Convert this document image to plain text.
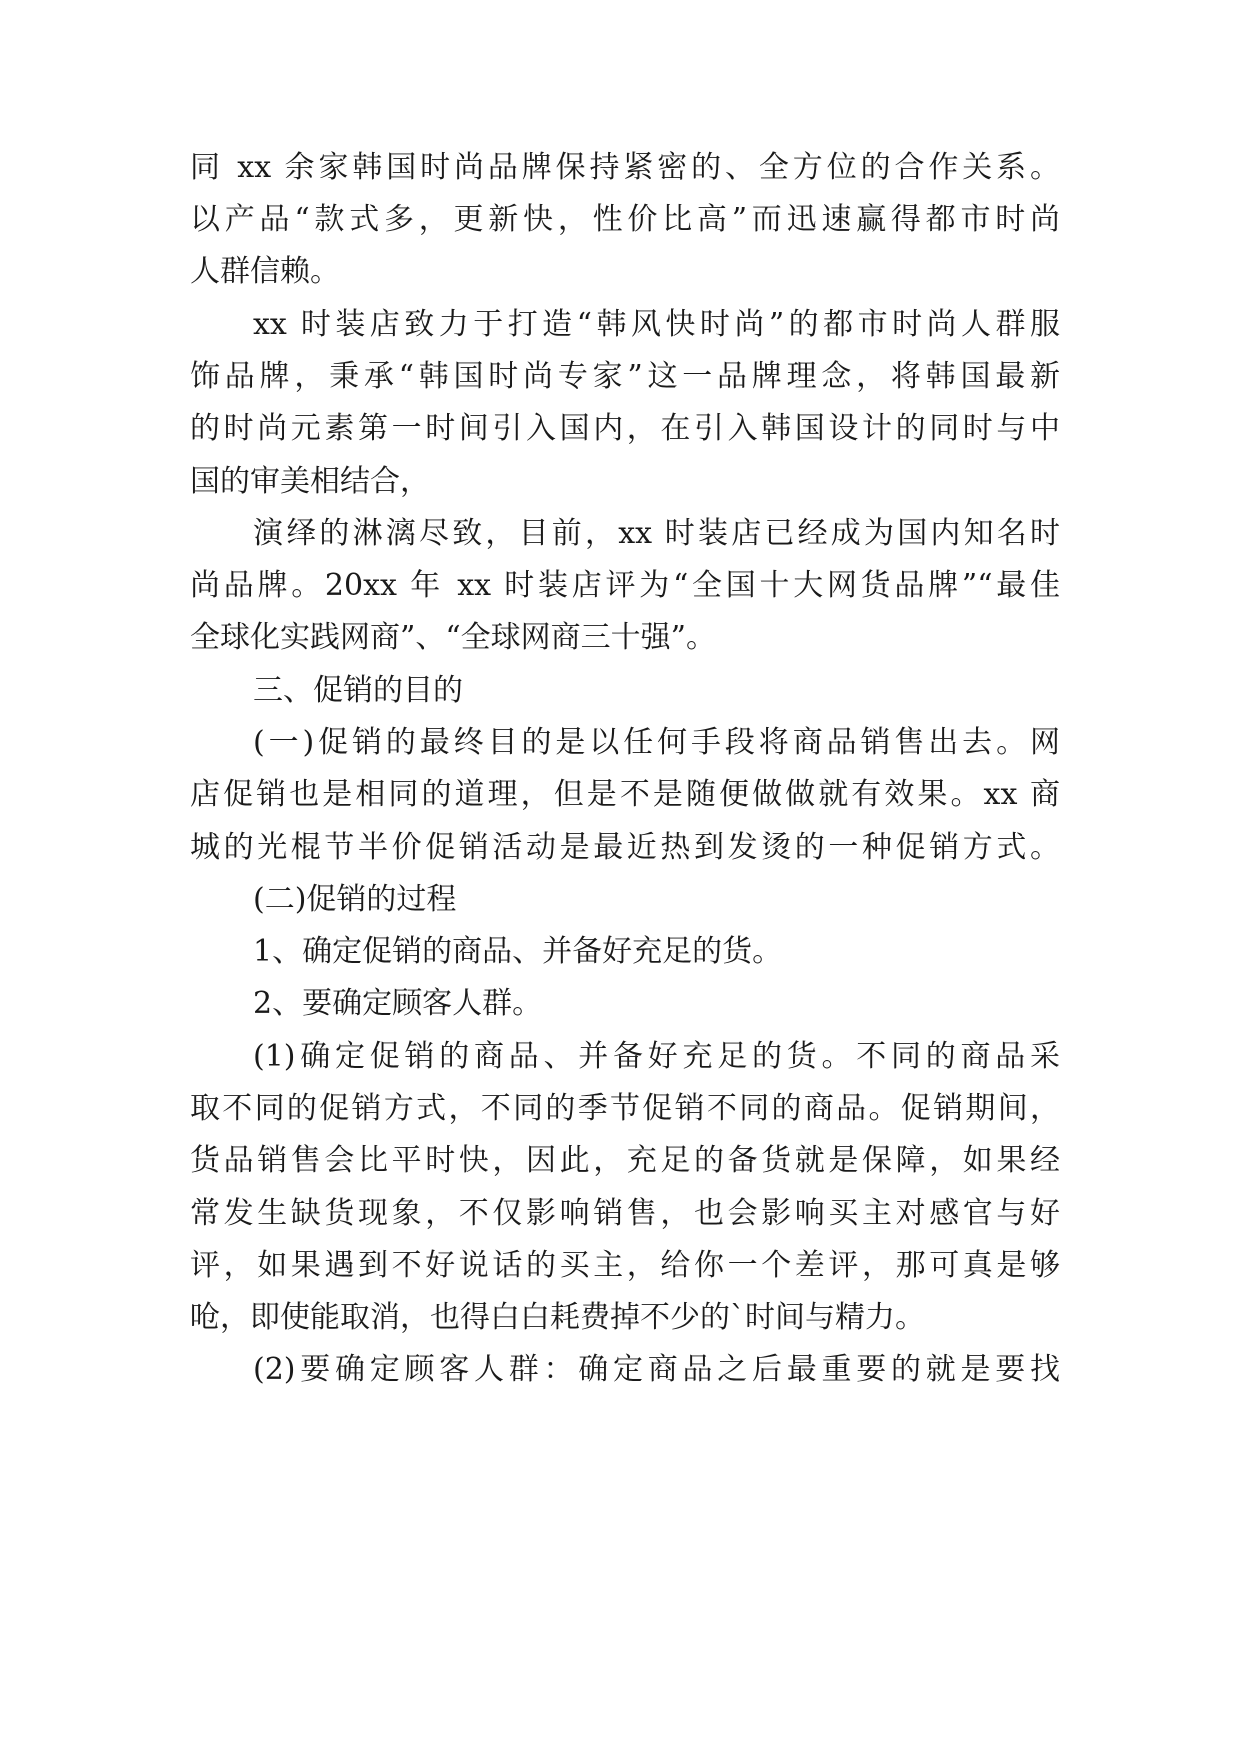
同 xx 余家韩国时尚品牌保持紧密的、全方位的合作关系。
以产品“款式多，更新快，性价比高”而迅速赢得都市时尚
人群信赖。
xx 时装店致力于打造“韩风快时尚”的都市时尚人群服
饰品牌，秉承“韩国时尚专家”这一品牌理念，将韩国最新
的时尚元素第一时间引入国内，在引入韩国设计的同时与中
国的审美相结合，
演绎的淋漓尽致，目前，xx 时装店已经成为国内知名时
尚品牌。20xx 年 xx 时装店评为“全国十大网货品牌”“最佳
全球化实践网商”、“全球网商三十强”。
三、促销的目的
(一)促销的最终目的是以任何手段将商品销售出去。网
店促销也是相同的道理，但是不是随便做做就有效果。xx 商
城的光棍节半价促销活动是最近热到发烫的一种促销方式。
(二)促销的过程
1、确定促销的商品、并备好充足的货。
2、要确定顾客人群。
(1)确定促销的商品、并备好充足的货。不同的商品采
取不同的促销方式，不同的季节促销不同的商品。促销期间，
货品销售会比平时快，因此，充足的备货就是保障，如果经
常发生缺货现象，不仅影响销售，也会影响买主对感官与好
评，如果遇到不好说话的买主，给你一个差评，那可真是够
呛，即使能取消，也得白白耗费掉不少的`时间与精力。
(2)要确定顾客人群：确定商品之后最重要的就是要找
